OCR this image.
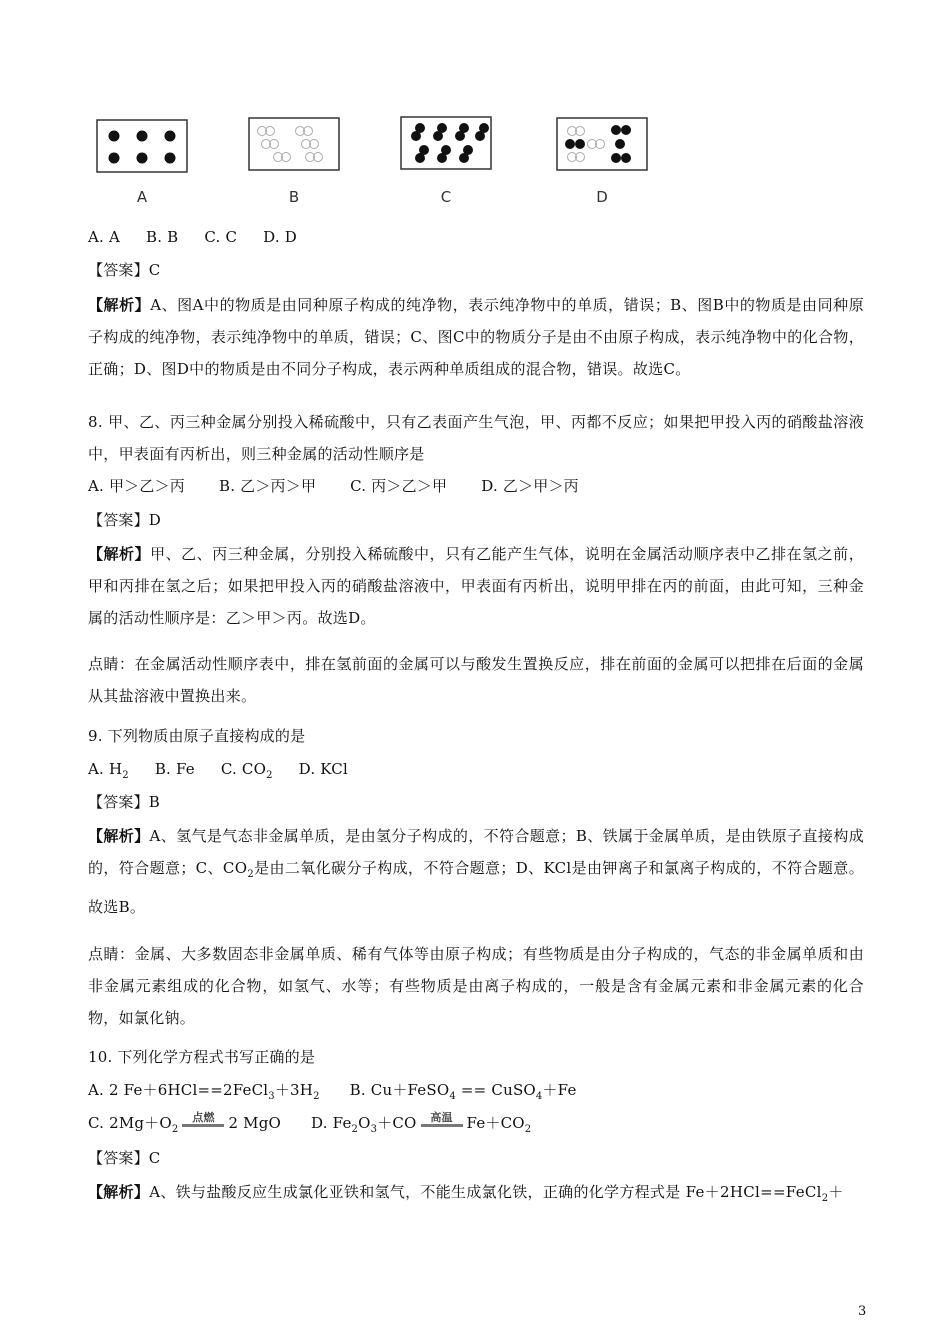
A	B	C	D
A. A B. B C. C D. D
【答案】C
【解析】A、图A中的物质是由同种原子构成的纯净物，表示纯净物中的单质，错误；B、图B中的物质是由同种原子构成的纯净物，表示纯净物中的单质，错误；C、图C中的物质分子是由不由原子构成，表示纯净物中的化合物，正确；D、图D中的物质是由不同分子构成，表示两种单质组成的混合物，错误。故选C。
8. 甲、乙、丙三种金属分别投入稀硫酸中，只有乙表面产生气泡，甲、丙都不反应；如果把甲投入丙的硝酸盐溶液中，甲表面有丙析出，则三种金属的活动性顺序是
A. 甲＞乙＞丙 B. 乙＞丙＞甲 C. 丙＞乙＞甲 D. 乙＞甲＞丙
【答案】D
【解析】甲、乙、丙三种金属，分别投入稀硫酸中，只有乙能产生气体，说明在金属活动顺序表中乙排在氢之前，甲和丙排在氢之后；如果把甲投入丙的硝酸盐溶液中，甲表面有丙析出，说明甲排在丙的前面，由此可知，三种金属的活动性顺序是：乙＞甲＞丙。故选D。
点睛：在金属活动性顺序表中，排在氢前面的金属可以与酸发生置换反应，排在前面的金属可以把排在后面的金属从其盐溶液中置换出来。
9. 下列物质由原子直接构成的是
A. $H_2$ B. Fe C. $CO_2$ D. KCl
【答案】B
【解析】A、氢气是气态非金属单质，是由氢分子构成的，不符合题意；B、铁属于金属单质，是由铁原子直接构成的，符合题意；C、$CO_2$是由二氧化碳分子构成，不符合题意；D、KCl是由钾离子和氯离子构成的，不符合题意。故选B。
点睛：金属、大多数固态非金属单质、稀有气体等由原子构成；有些物质是由分子构成的，气态的非金属单质和由非金属元素组成的化合物，如氢气、水等；有些物质是由离子构成的，一般是含有金属元素和非金属元素的化合物，如氯化钠。
10. 下列化学方程式书写正确的是
A. 2 $Fe+6HCl==2FeCl_3+3H_2$ B. Cu＋FeSO$_4$ == CuSO$_4$＋Fe
C. $2Mg+O_2$
点燃 2 MgO D. $Fe_2O_3+CO$	高温 $Fe+CO_2$
【答案】C
【解析】A、铁与盐酸反应生成氯化亚铁和氢气，不能生成氯化铁，正确的化学方程式是 Fe＋2HCl==FeCl$_2$＋
3
